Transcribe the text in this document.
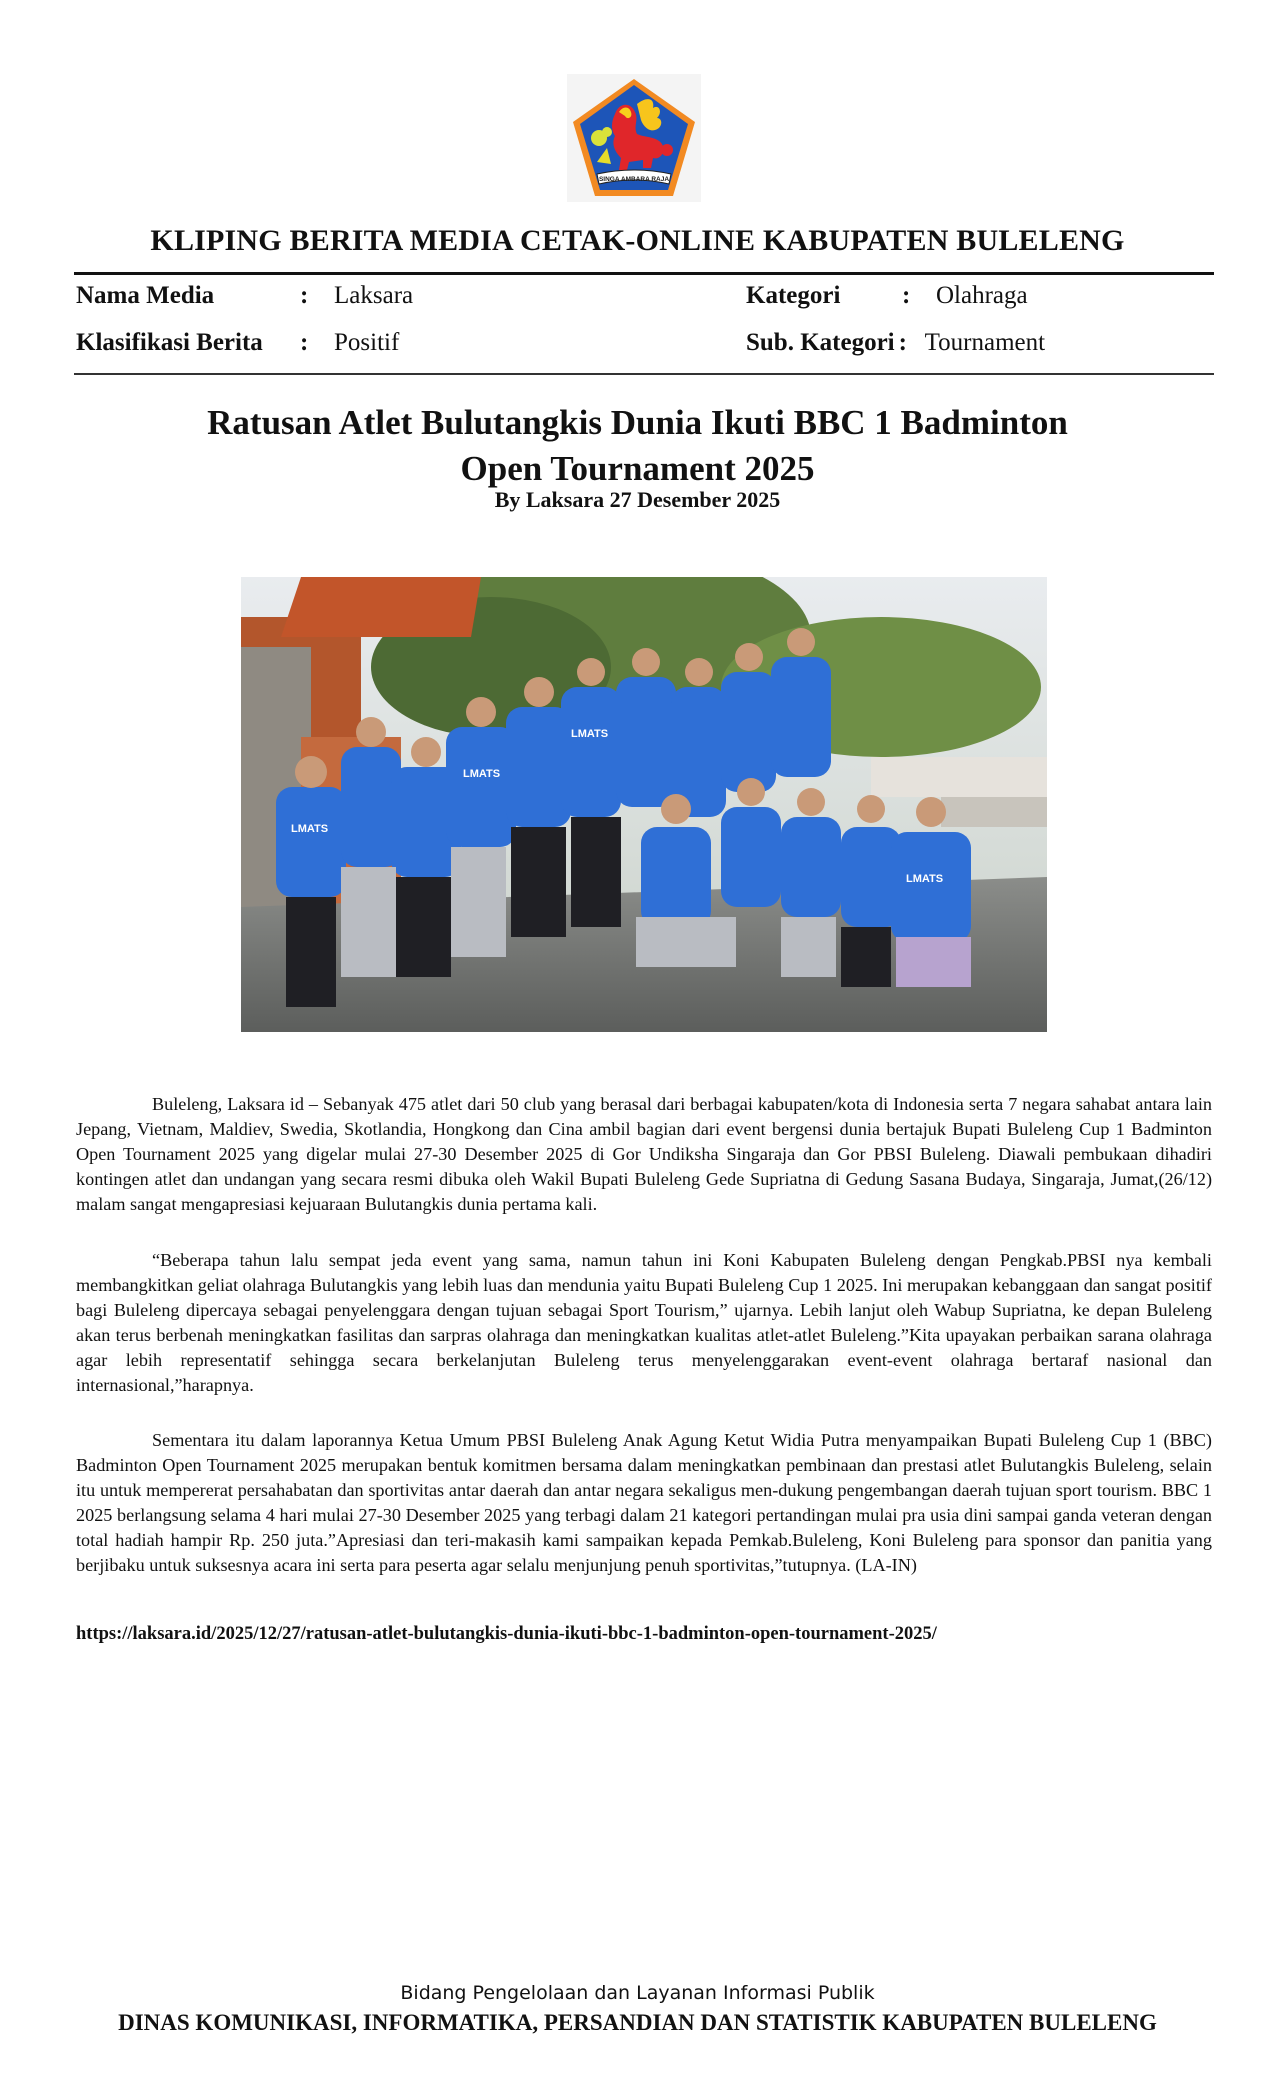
SINGA AMBARA RAJA
KLIPING BERITA MEDIA CETAK-ONLINE KABUPATEN BULELENG
Nama Media	:	Laksara
Klasifikasi Berita	:	Positif
Kategori	:	Olahraga
Sub. Kategori : Tournament
Ratusan Atlet Bulutangkis Dunia Ikuti BBC 1 Badminton
Open Tournament 2025
By Laksara 27 Desember 2025
LMATS
LMATS
LMATS
LMATS

Buleleng, Laksara id – Sebanyak 475 atlet dari 50 club yang berasal dari berbagai kabupaten/kota di Indonesia serta 7 negara sahabat antara lain Jepang, Vietnam, Maldiev, Swedia, Skotlandia, Hongkong dan Cina ambil bagian dari event bergensi dunia bertajuk Bupati Buleleng Cup 1 Badminton Open Tournament 2025 yang digelar mulai 27-30 Desember 2025 di Gor Undiksha Singaraja dan Gor PBSI Buleleng. Diawali pembukaan dihadiri kontingen atlet dan undangan yang secara resmi dibuka oleh Wakil Bupati Buleleng Gede Supriatna di Gedung Sasana Budaya, Singaraja, Jumat,(26/12) malam sangat mengapresiasi kejuaraan Bulutangkis dunia pertama kali.

“Beberapa tahun lalu sempat jeda event yang sama, namun tahun ini Koni Kabupaten Buleleng dengan Pengkab.PBSI nya kembali membangkitkan geliat olahraga Bulutangkis yang lebih luas dan mendunia yaitu Bupati Buleleng Cup 1 2025. Ini merupakan kebanggaan dan sangat positif bagi Buleleng dipercaya sebagai penyelenggara dengan tujuan sebagai Sport Tourism,” ujarnya. Lebih lanjut oleh Wabup Supriatna, ke depan Buleleng akan terus berbenah meningkatkan fasilitas dan sarpras olahraga dan meningkatkan kualitas atlet-atlet Buleleng.”Kita upayakan perbaikan sarana olahraga agar lebih representatif sehingga secara berkelanjutan Buleleng terus menyelenggarakan event-event olahraga bertaraf nasional dan internasional,”harapnya.

Sementara itu dalam laporannya Ketua Umum PBSI Buleleng Anak Agung Ketut Widia Putra menyampaikan Bupati Buleleng Cup 1 (BBC) Badminton Open Tournament 2025 merupakan bentuk komitmen bersama dalam meningkatkan pembinaan dan prestasi atlet Bulutangkis Buleleng, selain itu untuk mempererat persahabatan dan sportivitas antar daerah dan antar negara sekaligus men-dukung pengembangan daerah tujuan sport tourism. BBC 1 2025 berlangsung selama 4 hari mulai 27-30 Desember 2025 yang terbagi dalam 21 kategori pertandingan mulai pra usia dini sampai ganda veteran dengan total hadiah hampir Rp. 250 juta.”Apresiasi dan teri-makasih kami sampaikan kepada Pemkab.Buleleng, Koni Buleleng para sponsor dan panitia yang berjibaku untuk suksesnya acara ini serta para peserta agar selalu menjunjung penuh sportivitas,”tutupnya. (LA-IN)

https://laksara.id/2025/12/27/ratusan-atlet-bulutangkis-dunia-ikuti-bbc-1-badminton-open-tournament-2025/
Bidang Pengelolaan dan Layanan Informasi Publik
DINAS KOMUNIKASI, INFORMATIKA, PERSANDIAN DAN STATISTIK KABUPATEN BULELENG
